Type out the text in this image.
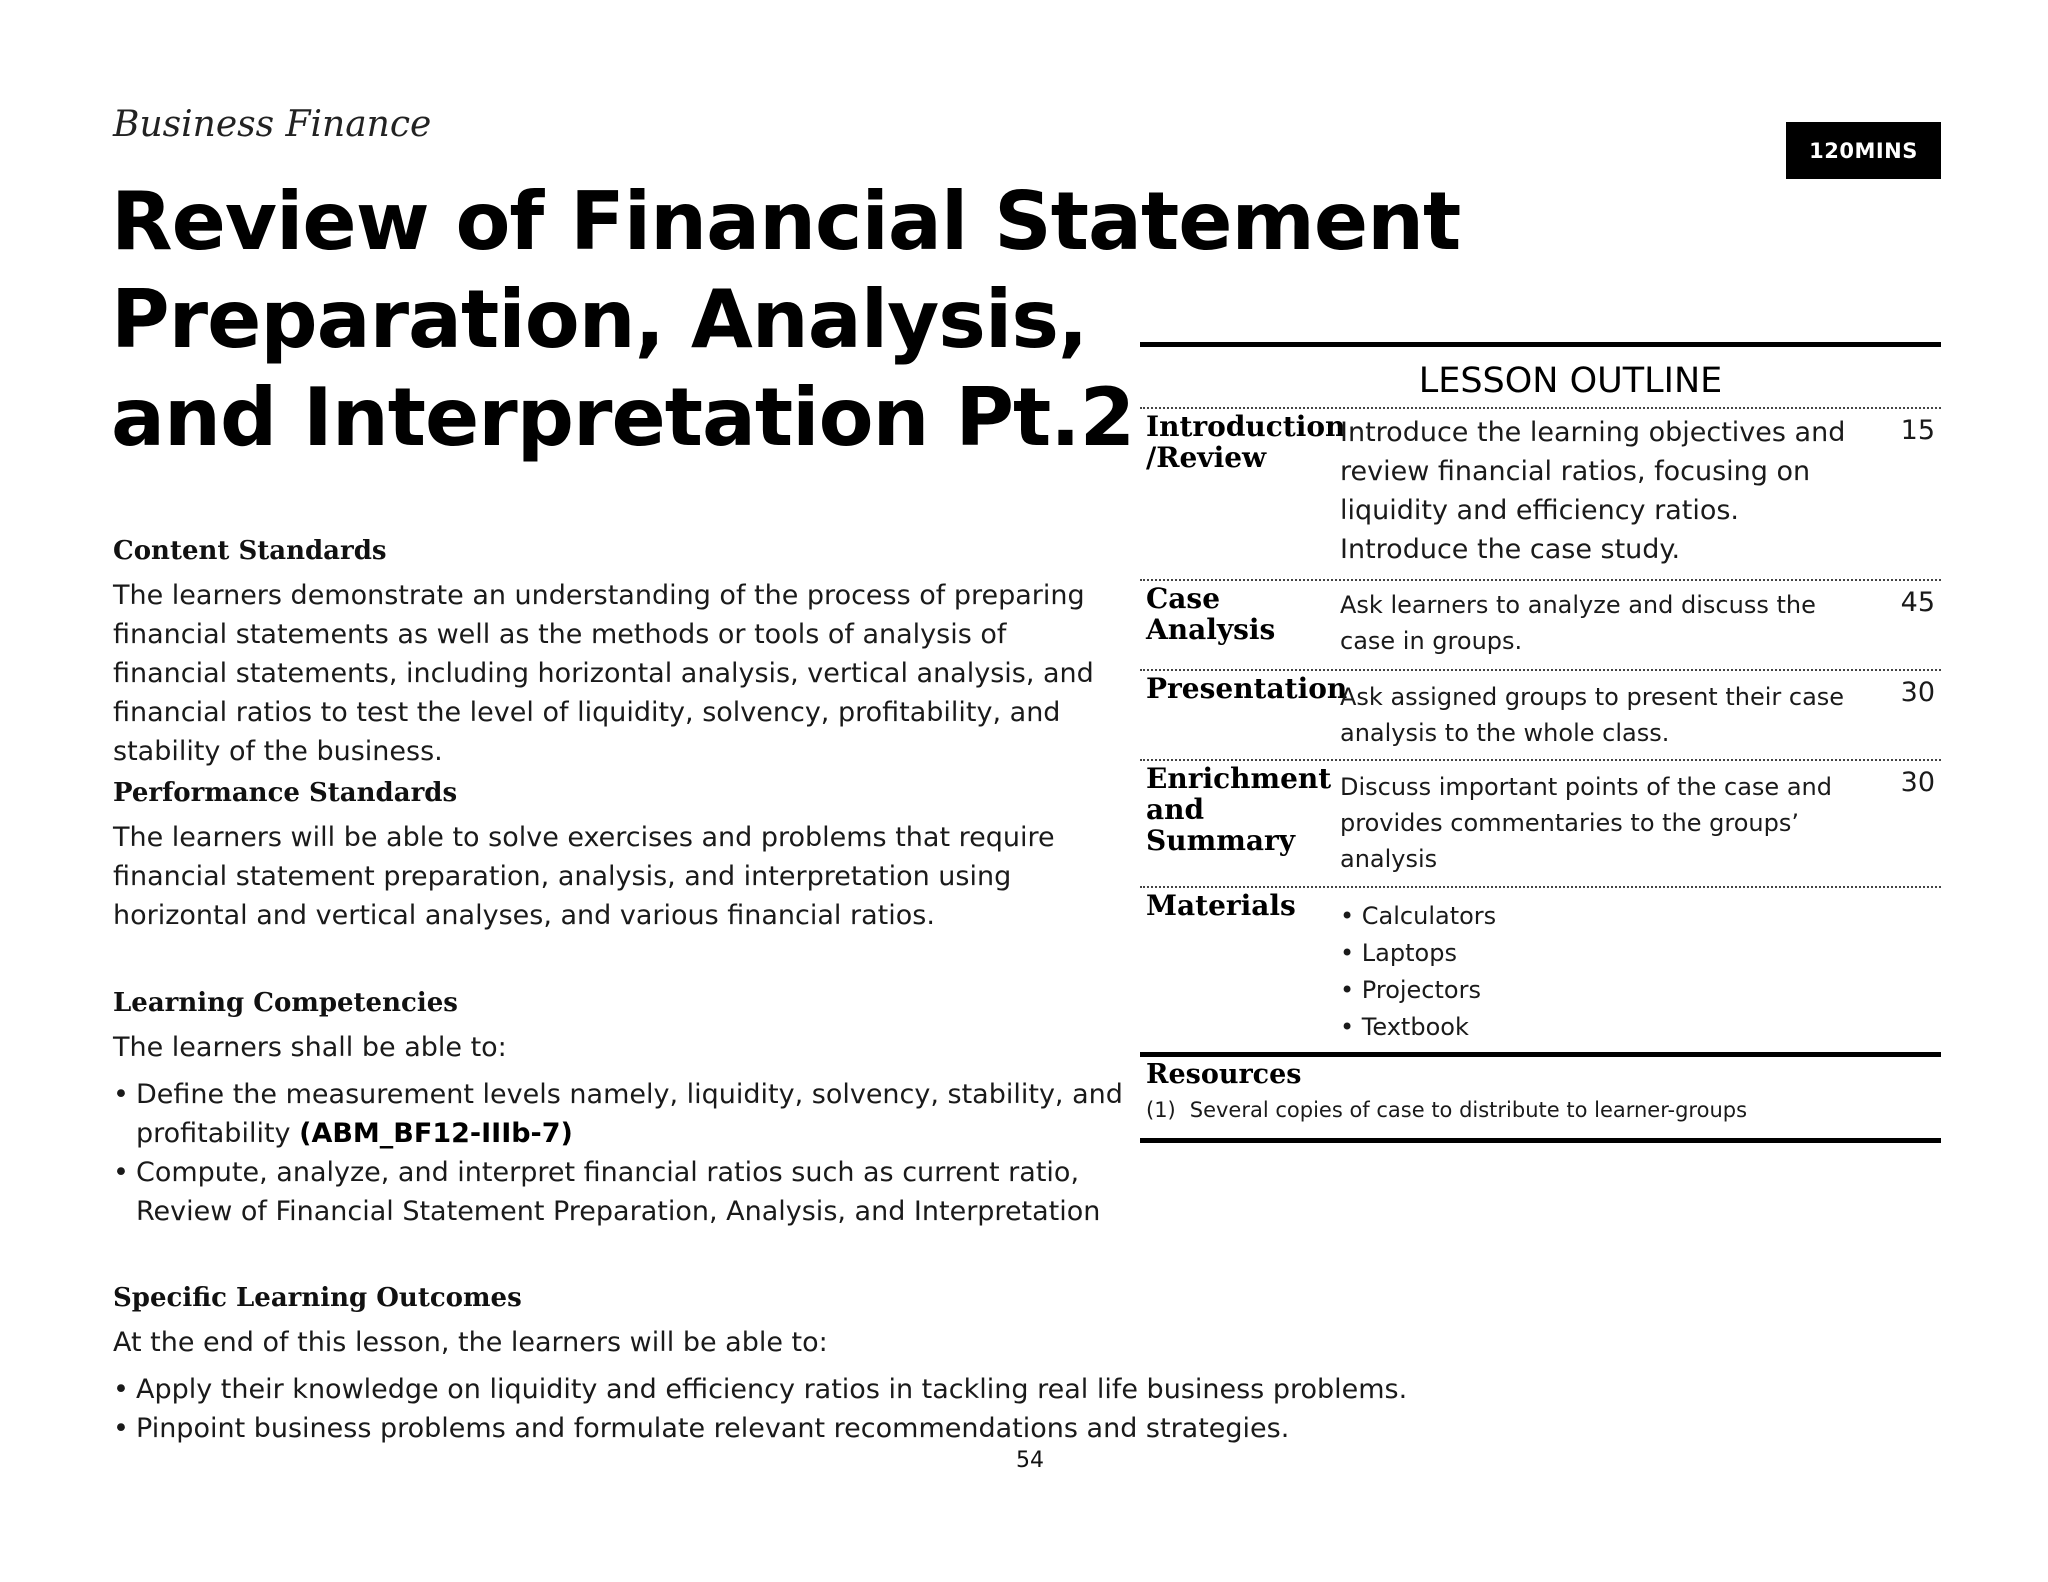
Business Finance
120MINS
Review of Financial Statement
Preparation, Analysis,
and Interpretation Pt.2
Content Standards

The learners demonstrate an understanding of the process of preparing financial statements as well as the methods or tools of analysis of financial statements, including horizontal analysis, vertical analysis, and financial ratios to test the level of liquidity, solvency, profitability, and stability of the business.

Performance Standards

The learners will be able to solve exercises and problems that require financial statement preparation, analysis, and interpretation using horizontal and vertical analyses, and various financial ratios.

Learning Competencies

The learners shall be able to:

• Define the measurement levels namely, liquidity, solvency, stability, and profitability (ABM_BF12-IIIb-7)
• Compute, analyze, and interpret financial ratios such as current ratio, Review of Financial Statement Preparation, Analysis, and Interpretation
Specific Learning Outcomes

At the end of this lesson, the learners will be able to:

• Apply their knowledge on liquidity and efficiency ratios in tackling real life business problems.
• Pinpoint business problems and formulate relevant recommendations and strategies.
LESSON OUTLINE
Introduction /Review
Introduce the learning objectives and review financial ratios, focusing on liquidity and efficiency ratios. Introduce the case study.
15
Case Analysis
Ask learners to analyze and discuss the case in groups.
45
Presentation
Ask assigned groups to present their case analysis to the whole class.
30
Enrichment and Summary
Discuss important points of the case and provides commentaries to the groups’ analysis
30
Materials	• Calculators
• Laptops
• Projectors
• Textbook
Resources
(1) Several copies of case to distribute to learner-groups
54
